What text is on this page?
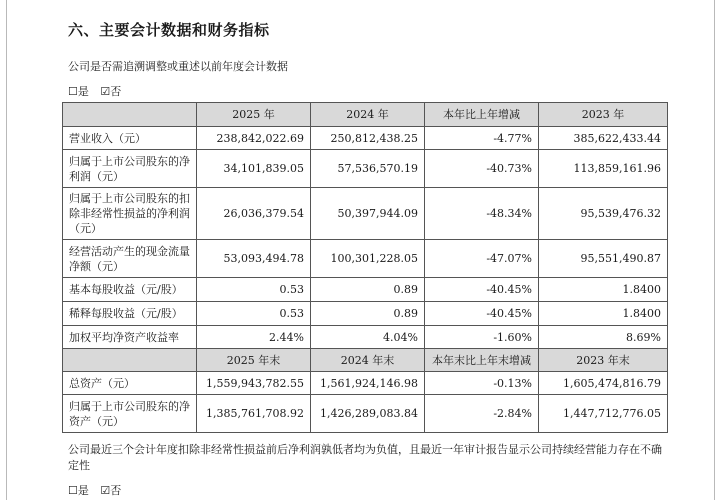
六、主要会计数据和财务指标
公司是否需追溯调整或重述以前年度会计数据
☐是 ☑否
	2025 年	2024 年	本年比上年增减	2023 年
营业收入（元）	238,842,022.69	250,812,438.25	-4.77%	385,622,433.44
归属于上市公司股东的净利润（元）	34,101,839.05	57,536,570.19	-40.73%	113,859,161.96
归属于上市公司股东的扣除非经常性损益的净利润（元）	26,036,379.54	50,397,944.09	-48.34%	95,539,476.32
经营活动产生的现金流量净额（元）	53,093,494.78	100,301,228.05	-47.07%	95,551,490.87
基本每股收益（元/股）	0.53	0.89	-40.45%	1.8400
稀释每股收益（元/股）	0.53	0.89	-40.45%	1.8400
加权平均净资产收益率	2.44%	4.04%	-1.60%	8.69%
	2025 年末	2024 年末	本年末比上年末增减	2023 年末
总资产（元）	1,559,943,782.55	1,561,924,146.98	-0.13%	1,605,474,816.79
归属于上市公司股东的净资产（元）	1,385,761,708.92	1,426,289,083.84	-2.84%	1,447,712,776.05
公司最近三个会计年度扣除非经常性损益前后净利润孰低者均为负值，且最近一年审计报告显示公司持续经营能力存在不确定性
☐是 ☑否
